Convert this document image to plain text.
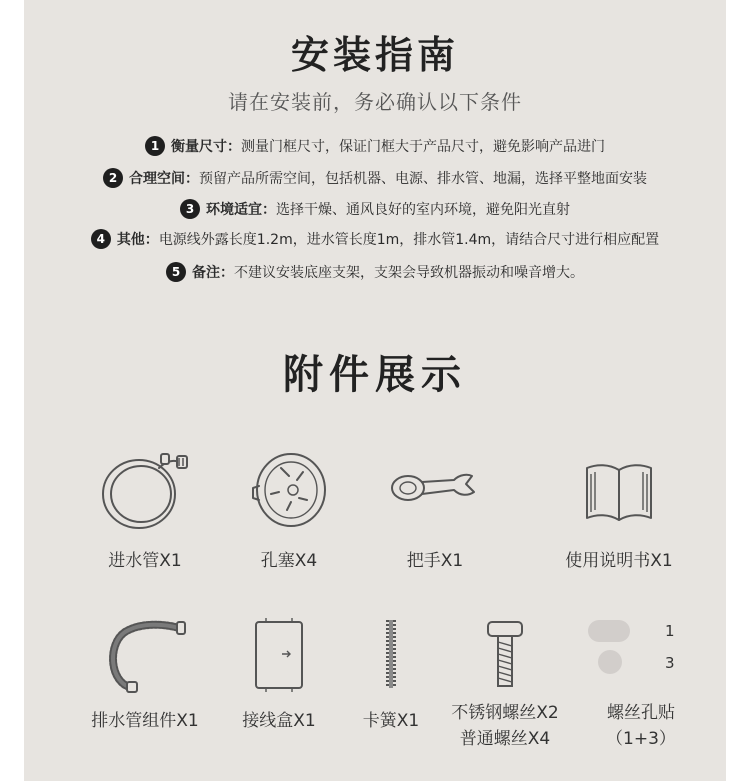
安装指南
请在安装前，务必确认以下条件
1 衡量尺寸：测量门框尺寸，保证门框大于产品尺寸，避免影响产品进门
2 合理空间：预留产品所需空间，包括机器、电源、排水管、地漏，选择平整地面安装
3 环境适宜：选择干燥、通风良好的室内环境，避免阳光直射
4 其他：电源线外露长度1.2m，进水管长度1m，排水管1.4m，请结合尺寸进行相应配置
5 备注：不建议安装底座支架，支架会导致机器振动和噪音增大。
附件展示
进水管X1	孔塞X4	把手X1	使用说明书X1
排水管组件X1	接线盒X1	卡簧X1	不锈钢螺丝X2
普通螺丝X4
1
3
螺丝孔贴
（1+3）
